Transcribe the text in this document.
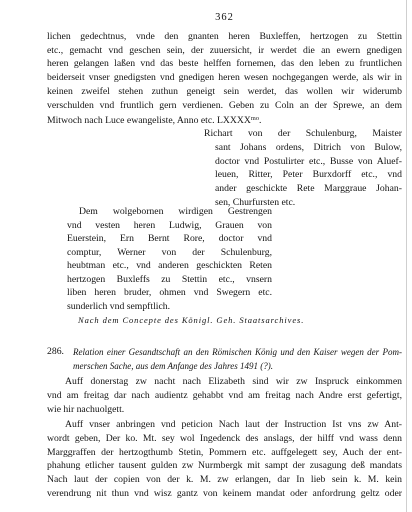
362
lichen gedechtnus, vnde den gnanten heren Buxleffen, hertzogen zu Stettin
etc., gemacht vnd geschen sein, der zuuersicht, ir werdet die an ewern gnedigen
heren gelangen laßen vnd das beste helffen fornemen, das den leben zu fruntlichen
beiderseit vnser gnedigsten vnd gnedigen heren wesen nochgegangen werde, als wir in
keinen zweifel stehen zuthun geneigt sein werdet, das wollen wir widerumb
verschulden vnd fruntlich gern verdienen. Geben zu Coln an der Sprewe, an dem
Mitwoch nach Luce ewangeliste, Anno etc. $LXXXX^{mo}$.
Richart von der Schulenburg, Maister
sant Johans ordens, Ditrich von Bulow,
doctor vnd Postulirter etc., Busse von Aluef-
leuen, Ritter, Peter Burxdorff etc., vnd
ander geschickte Rete Marggraue Johan-
sen, Churfursten etc.
Dem wolgebornen wirdigen Gestrengen
vnd vesten heren Ludwig, Grauen von
Euerstein, Ern Bernt Rore, doctor vnd
comptur, Werner von der Schulenburg,
heubtman etc., vnd anderen geschickten Reten
hertzogen Buxleffs zu Stettin etc., vnsern
liben heren bruder, ohmen vnd Swegern etc.
sunderlich vnd sempftlich.
Nach dem Concepte des Königl. Geh. Staatsarchives.
286. Relation einer Gesandtschaft an den Römischen König und den Kaiser wegen der Pom-
merschen Sache, aus dem Anfange des Jahres 1491 (?).
Auff donerstag zw nacht nach Elizabeth sind wir zw Inspruck einkommen
vnd am freitag dar nach audientz gehabbt vnd am freitag nach Andre erst gefertigt,
wie hir nachuolgett.
Auff vnser anbringen vnd peticion Nach laut der Instruction Ist vns zw Ant-
wordt geben, Der ko. Mt. sey wol Ingedenck des anslags, der hilff vnd wass denn
Marggraffen der hertzogthumb Stetin, Pommern etc. auffgelegett sey, Auch der ent-
phahung etlicher tausent gulden zw Nurmbergk mit sampt der zusagung deß mandats
Nach laut der copien von der k. M. zw erlangen, dar In lieb sein k. M. kein
verendrung nit thun vnd wisz gantz von keinem mandat oder anfordrung geltz oder
